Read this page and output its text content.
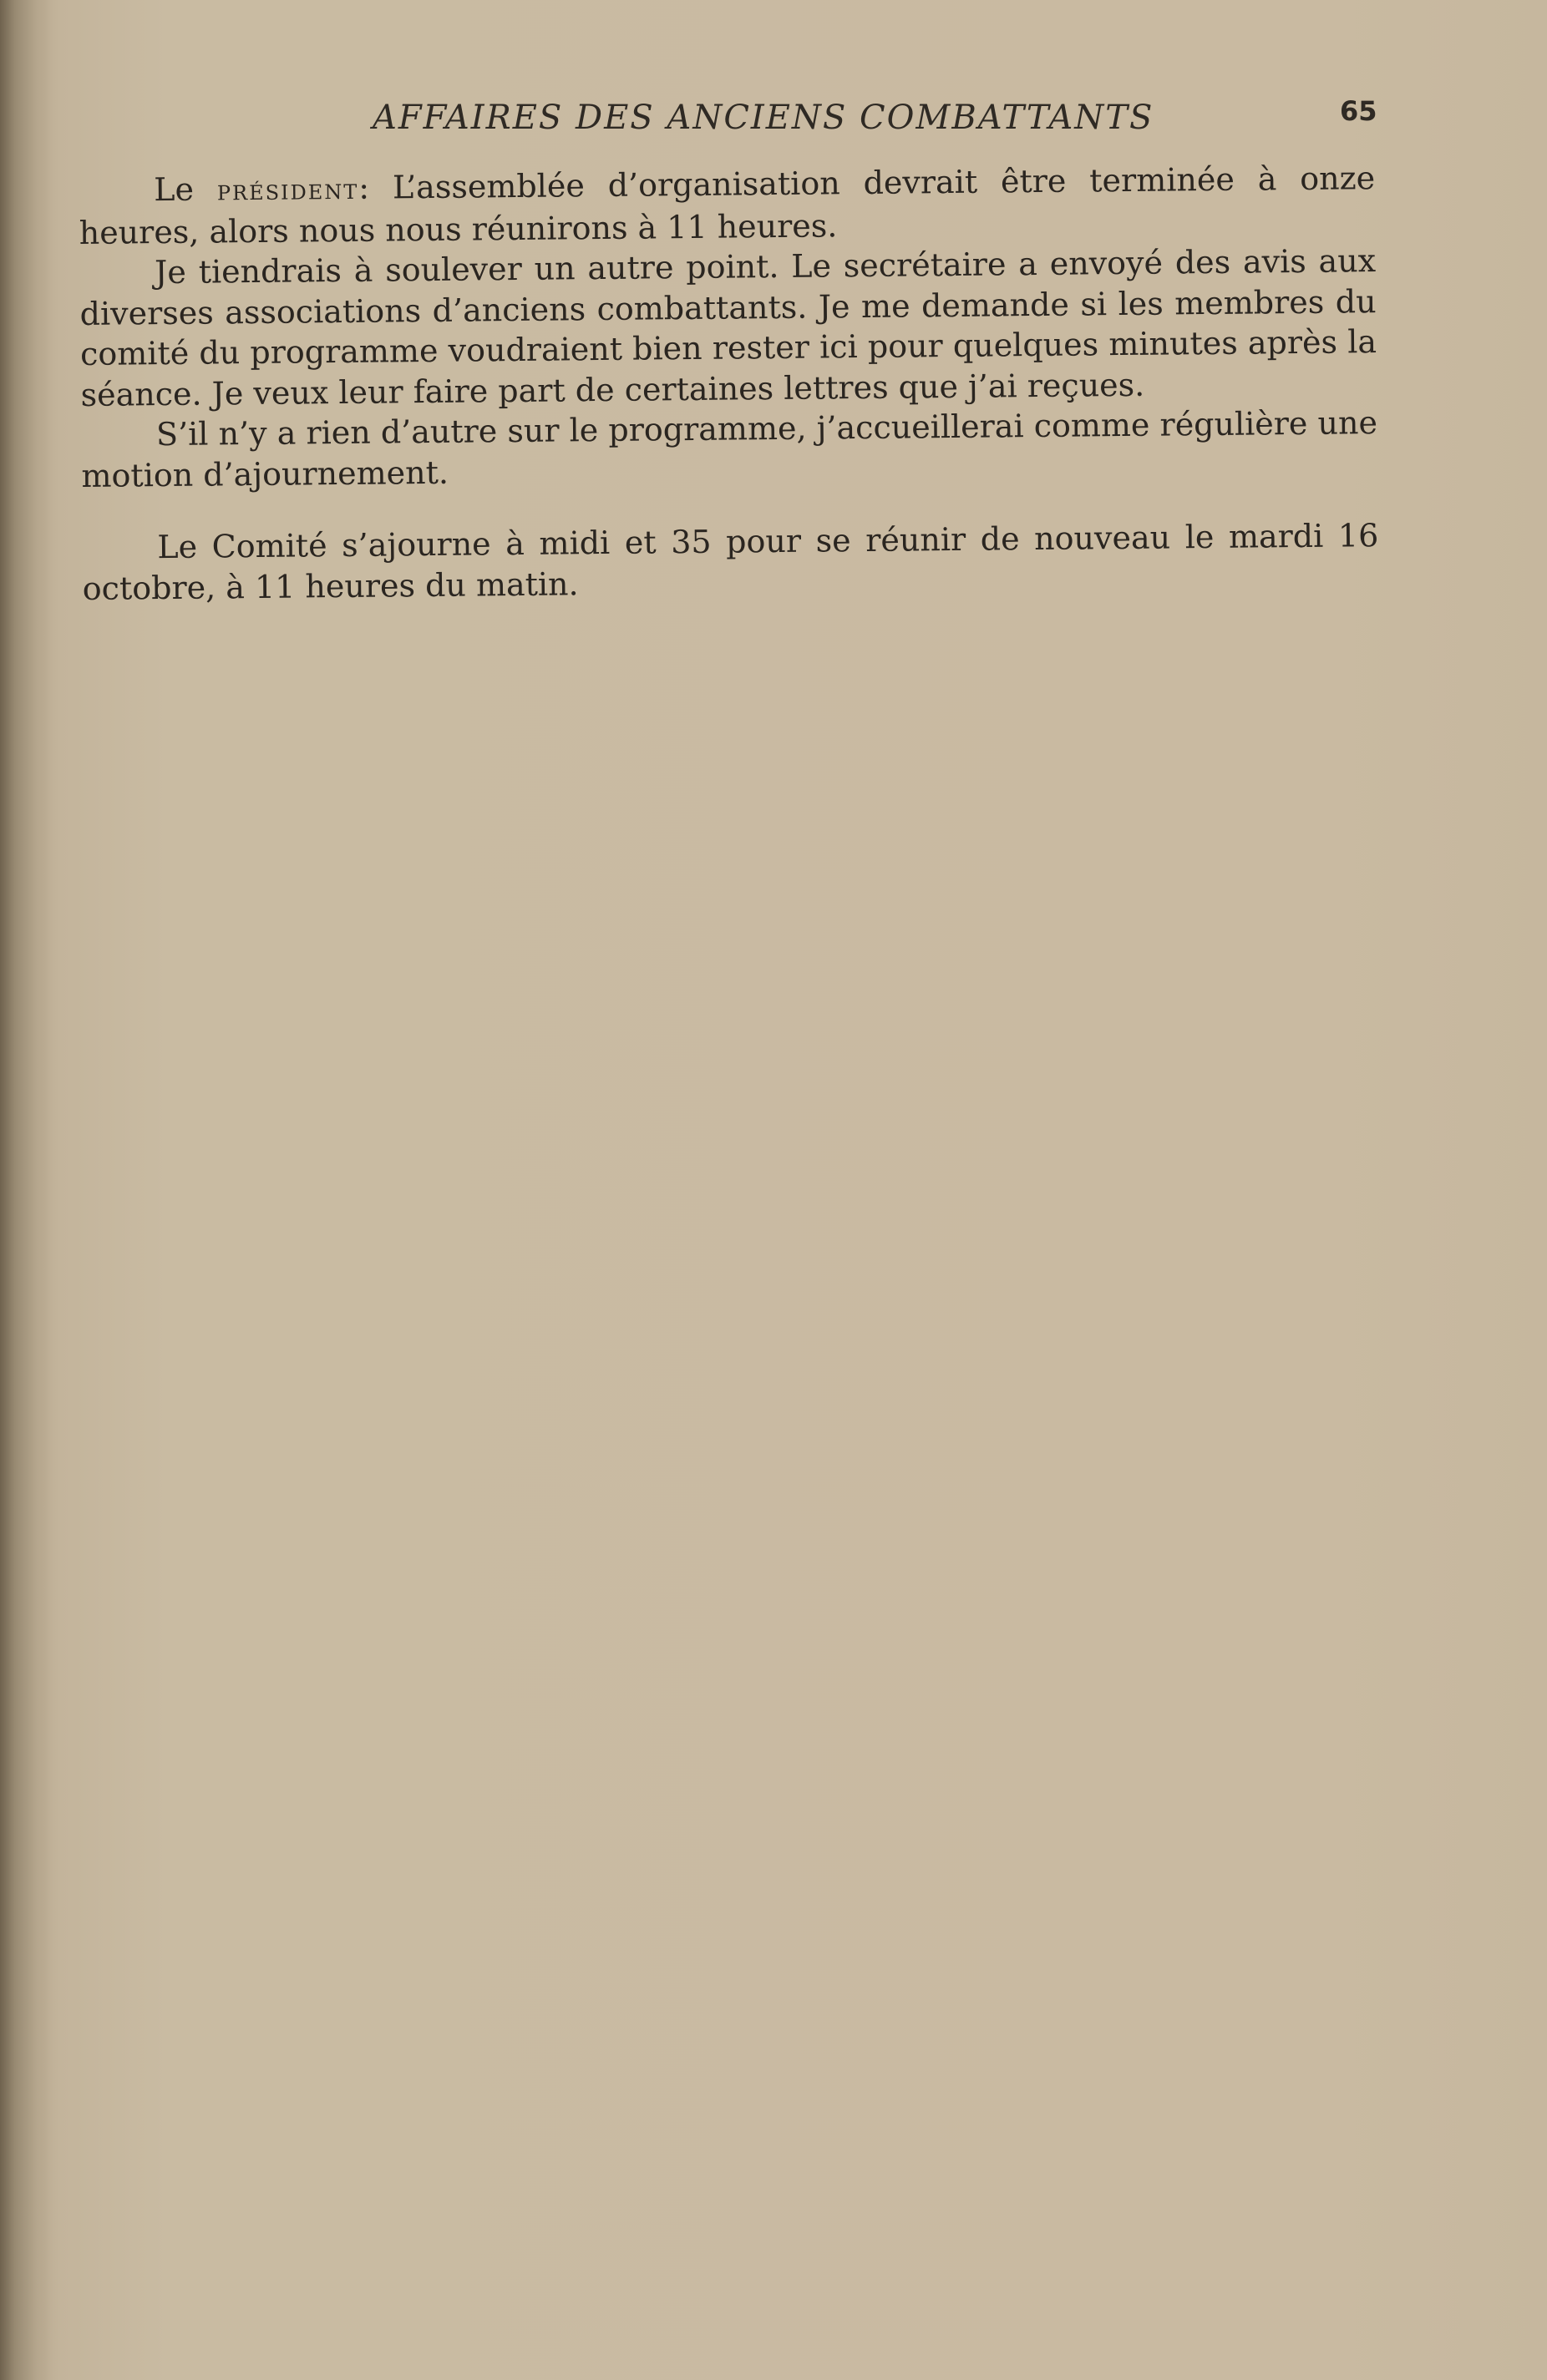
AFFAIRES DES ANCIENS COMBATTANTS	65

Le président: L’assemblée d’organisation devrait être terminée à onze heures, alors nous nous réunirons à 11 heures.

Je tiendrais à soulever un autre point. Le secrétaire a envoyé des avis aux diverses associations d’anciens combattants. Je me demande si les membres du comité du programme voudraient bien rester ici pour quelques minutes après la séance. Je veux leur faire part de certaines lettres que j’ai reçues.

S’il n’y a rien d’autre sur le programme, j’accueillerai comme régulière une motion d’ajournement.

Le Comité s’ajourne à midi et 35 pour se réunir de nouveau le mardi 16 octobre, à 11 heures du matin.
